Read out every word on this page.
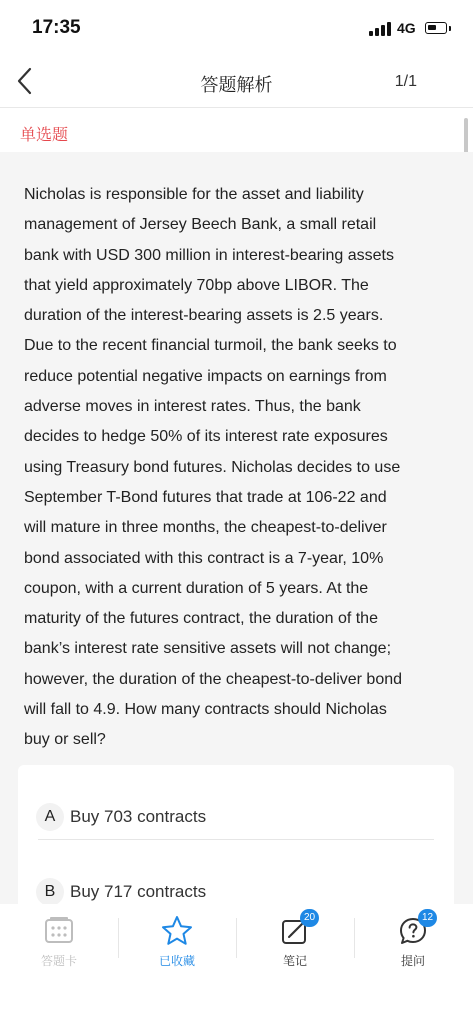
17:35	4G
答题解析	1/1
单选题
Nicholas is responsible for the asset and liability
management of Jersey Beech Bank, a small retail
bank with USD 300 million in interest-bearing assets
that yield approximately 70bp above LIBOR. The
duration of the interest-bearing assets is 2.5 years.
Due to the recent financial turmoil, the bank seeks to
reduce potential negative impacts on earnings from
adverse moves in interest rates. Thus, the bank
decides to hedge 50% of its interest rate exposures
using Treasury bond futures. Nicholas decides to use
September T-Bond futures that trade at 106-22 and
will mature in three months, the cheapest-to-deliver
bond associated with this contract is a 7-year, 10%
coupon, with a current duration of 5 years. At the
maturity of the futures contract, the duration of the
bank’s interest rate sensitive assets will not change;
however, the duration of the cheapest-to-deliver bond
will fall to 4.9. How many contracts should Nicholas
buy or sell?
A Buy 703 contracts
B Buy 717 contracts
答题卡	已收藏
20
笔记
12
提问
